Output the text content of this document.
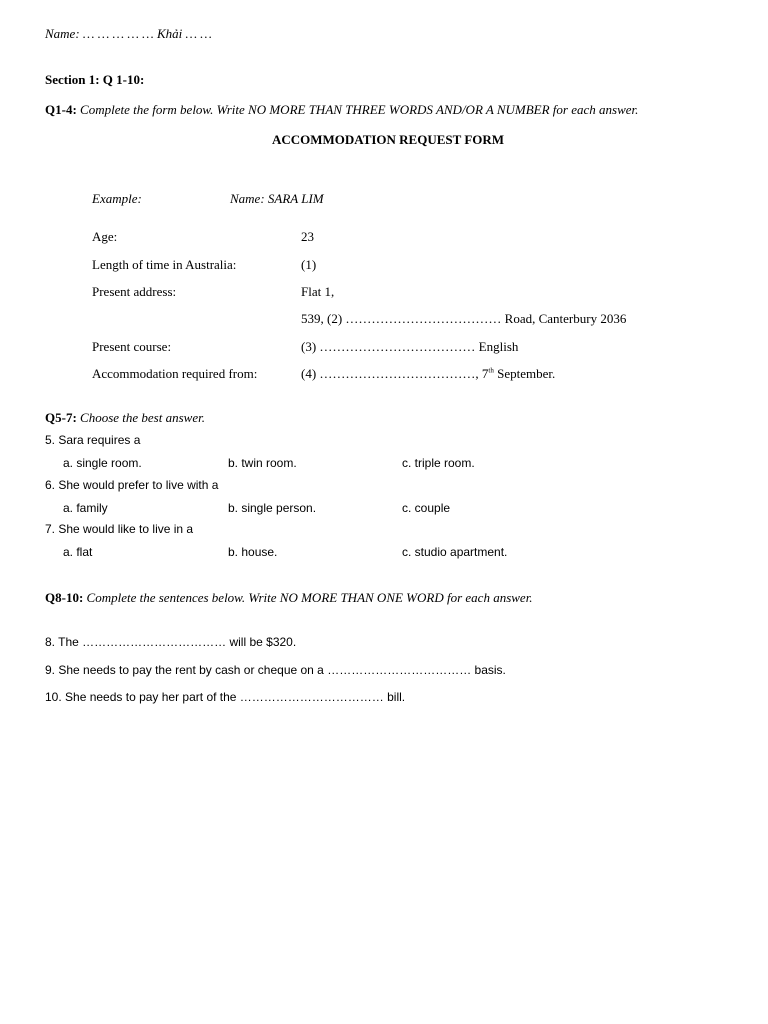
Name: … … … … … Khải … …
Section 1: Q 1-10:
Q1-4: Complete the form below. Write NO MORE THAN THREE WORDS AND/OR A NUMBER for each answer.
ACCOMMODATION REQUEST FORM
Example:	Name: SARA LIM
Age:	23
Length of time in Australia:	(1)
Present address:	Flat 1,
539, (2) ……………………………… Road, Canterbury 2036
Present course:	(3) ……………………………… English
Accommodation required from:	(4) ………………………………, 7th September.
Q5-7: Choose the best answer.
5. Sara requires a
a. single room.	b. twin room.	c. triple room.
6. She would prefer to live with a
a. family	b. single person.	c. couple
7. She would like to live in a
a. flat	b. house.	c. studio apartment.
Q8-10: Complete the sentences below. Write NO MORE THAN ONE WORD for each answer.
8. The ……………………………… will be $320.
9. She needs to pay the rent by cash or cheque on a ……………………………… basis.
10. She needs to pay her part of the ……………………………… bill.
